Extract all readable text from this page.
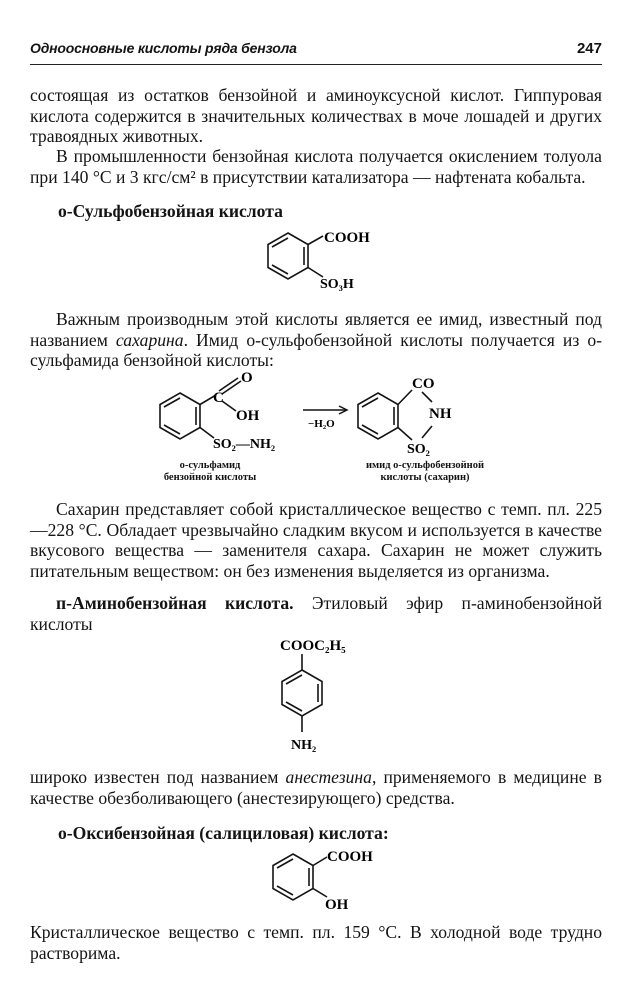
Одноосновные кислоты ряда бензола	247

состоящая из остатков бензойной и аминоуксусной кислот. Гиппуровая кислота содержится в значительных количествах в моче лошадей и других травоядных животных.

В промышленности бензойная кислота получается окислением толуола при 140 °С и 3 кгс/см² в присутствии катализатора — нафтената кобальта.

о-Сульфобензойная кислота

COOH
SO₃H

Важным производным этой кислоты является ее имид, известный под названием сахарина. Имид о-сульфобензойной кислоты получается из о-сульфамида бензойной кислоты:

O
C
OH
SO₂—NH₂
−H₂O
CO
NH
SO₂
о-сульфамид
бензойной кислоты
имид о-сульфобензойной
кислоты (сахарин)

Сахарин представляет собой кристаллическое вещество с темп. пл. 225—228 °С. Обладает чрезвычайно сладким вкусом и используется в качестве вкусового вещества — заменителя сахара. Сахарин не может служить питательным веществом: он без изменения выделяется из организма.

п-Аминобензойная кислота. Этиловый эфир п-аминобензойной кислоты

COOC₂H₅
NH₂

широко известен под названием анестезина, применяемого в медицине в качестве обезболивающего (анестезирующего) средства.

о-Оксибензойная (салициловая) кислота:

COOH
OH

Кристаллическое вещество с темп. пл. 159 °С. В холодной воде трудно растворима.
